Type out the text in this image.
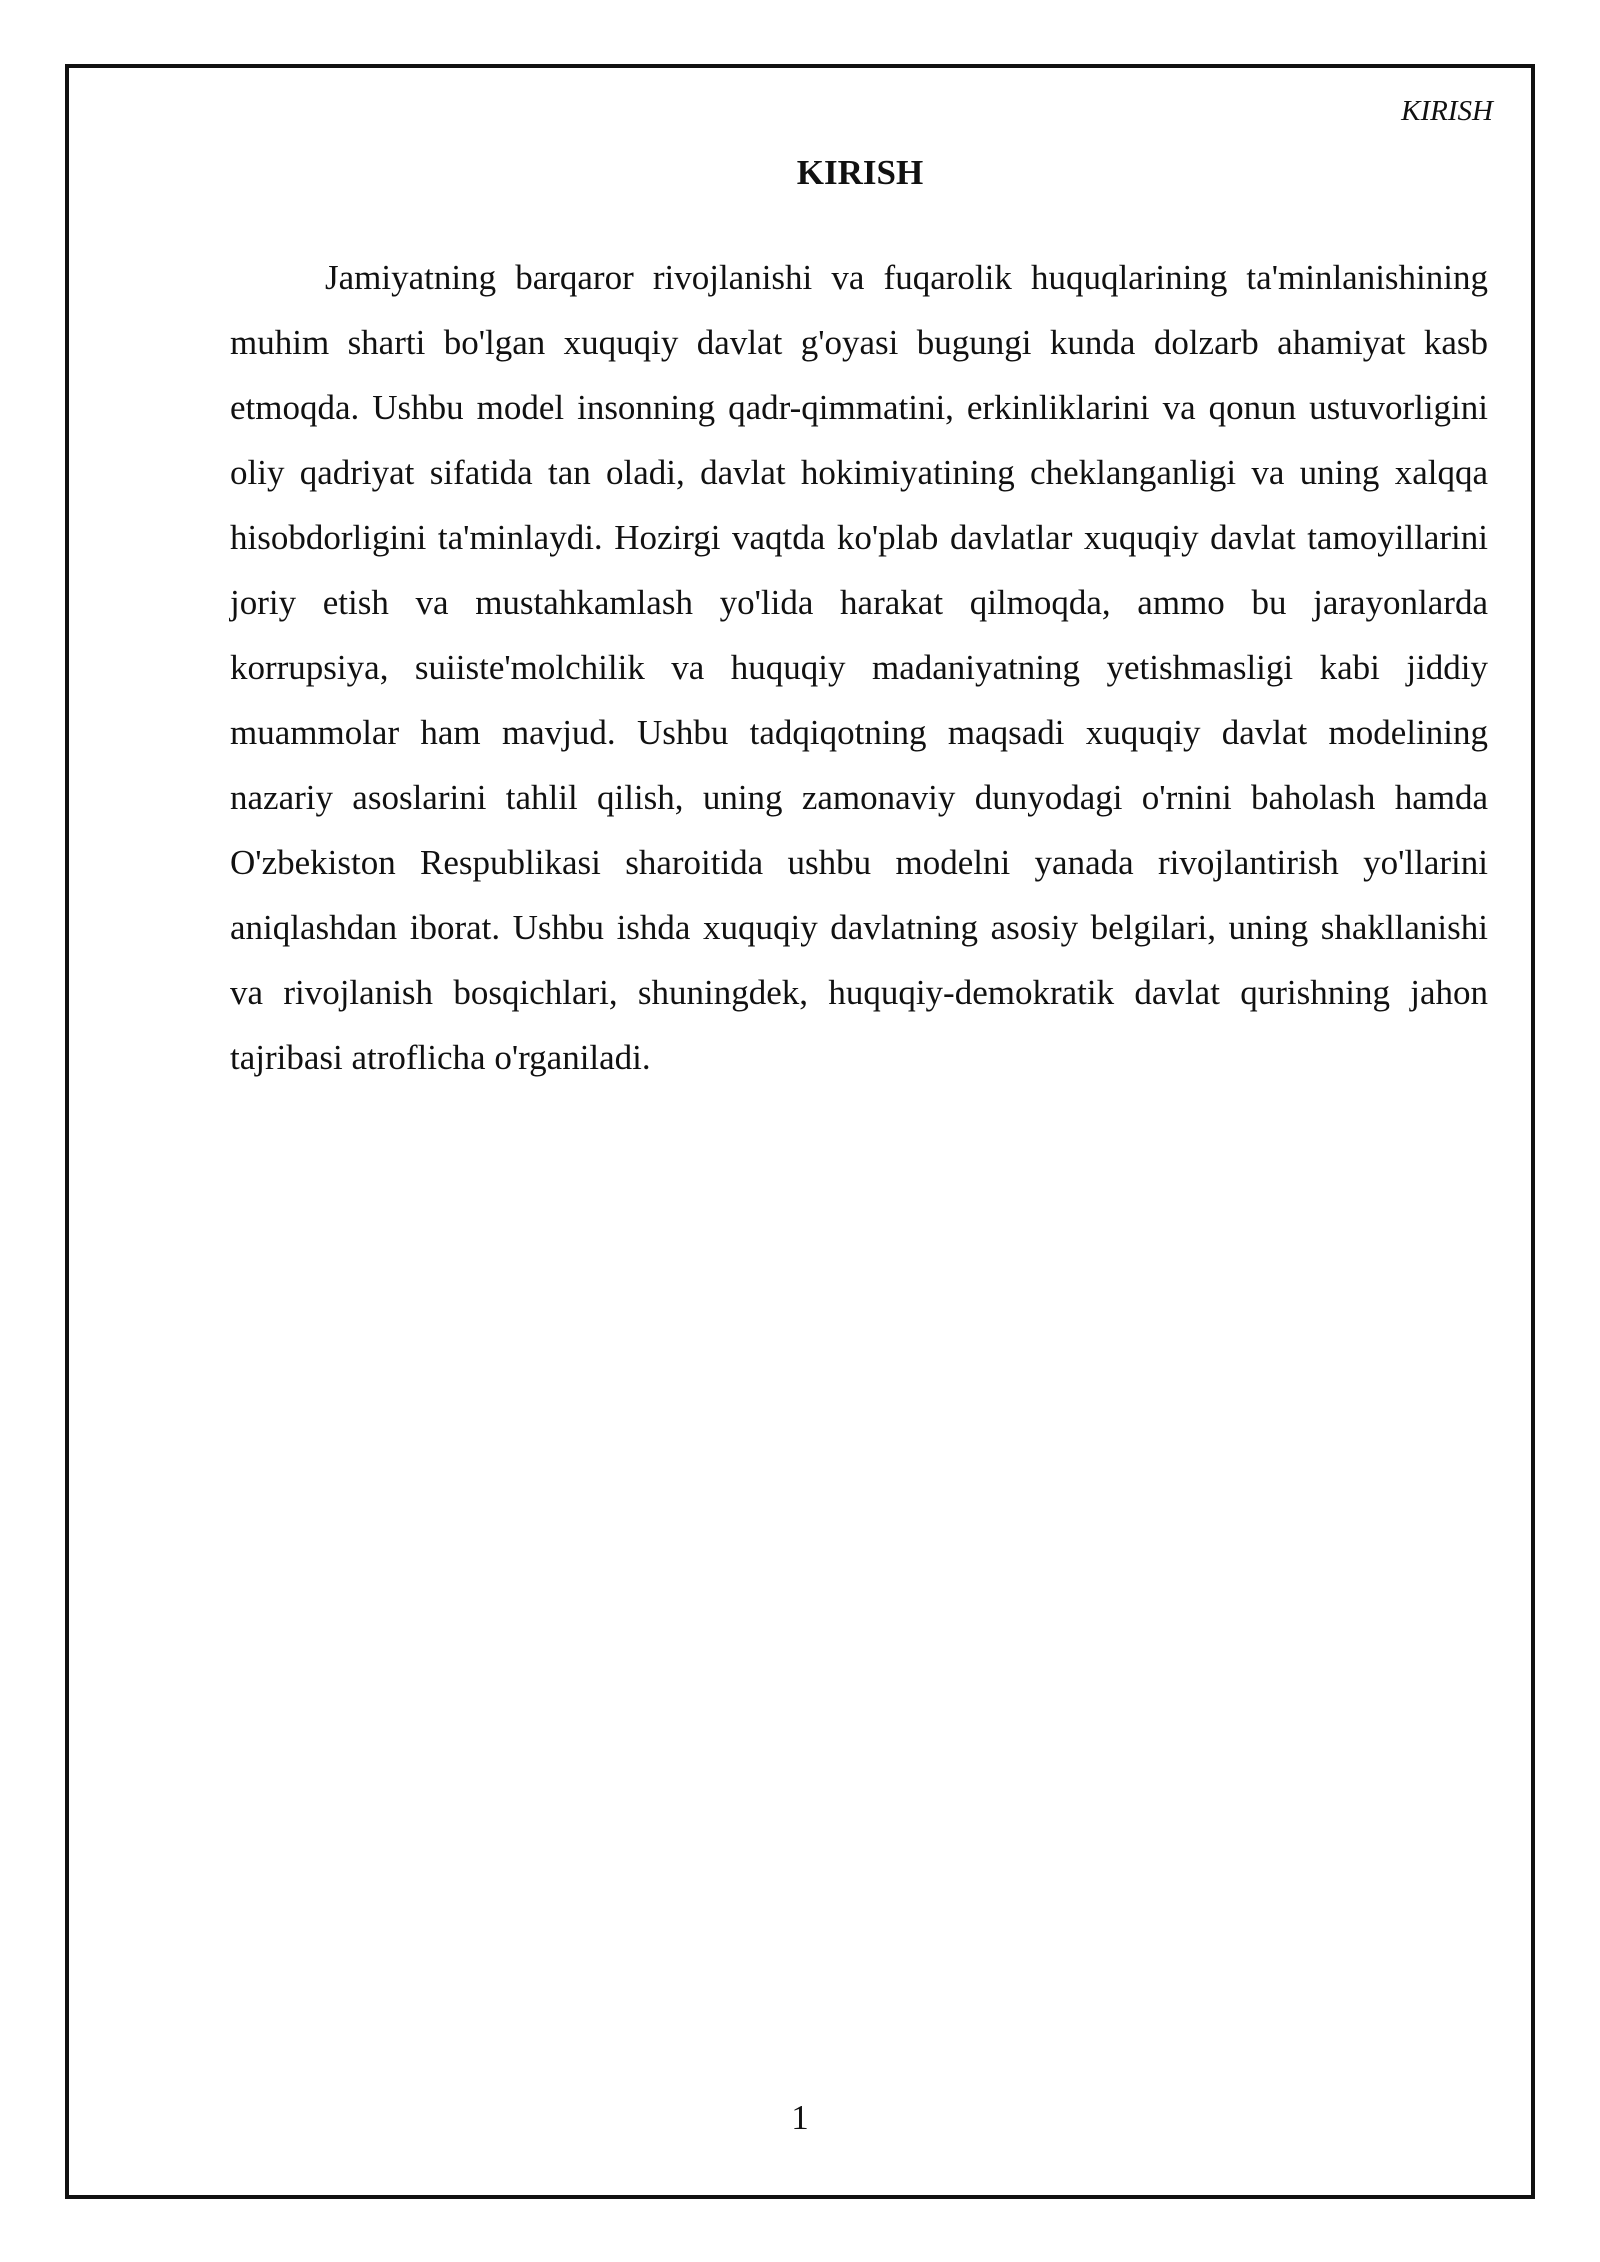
KIRISH
KIRISH

Jamiyatning barqaror rivojlanishi va fuqarolik huquqlarining ta'minlanishining muhim sharti bo'lgan xuquqiy davlat g'oyasi bugungi kunda dolzarb ahamiyat kasb etmoqda. Ushbu model insonning qadr-qimmatini, erkinliklarini va qonun ustuvorligini oliy qadriyat sifatida tan oladi, davlat hokimiyatining cheklanganligi va uning xalqqa hisobdorligini ta'minlaydi. Hozirgi vaqtda ko'plab davlatlar xuquqiy davlat tamoyillarini joriy etish va mustahkamlash yo'lida harakat qilmoqda, ammo bu jarayonlarda korrupsiya, suiiste'molchilik va huquqiy madaniyatning yetishmasligi kabi jiddiy muammolar ham mavjud. Ushbu tadqiqotning maqsadi xuquqiy davlat modelining nazariy asoslarini tahlil qilish, uning zamonaviy dunyodagi o'rnini baholash hamda O'zbekiston Respublikasi sharoitida ushbu modelni yanada rivojlantirish yo'llarini aniqlashdan iborat. Ushbu ishda xuquqiy davlatning asosiy belgilari, uning shakllanishi va rivojlanish bosqichlari, shuningdek, huquqiy-demokratik davlat qurishning jahon tajribasi atroflicha o'rganiladi.

1
